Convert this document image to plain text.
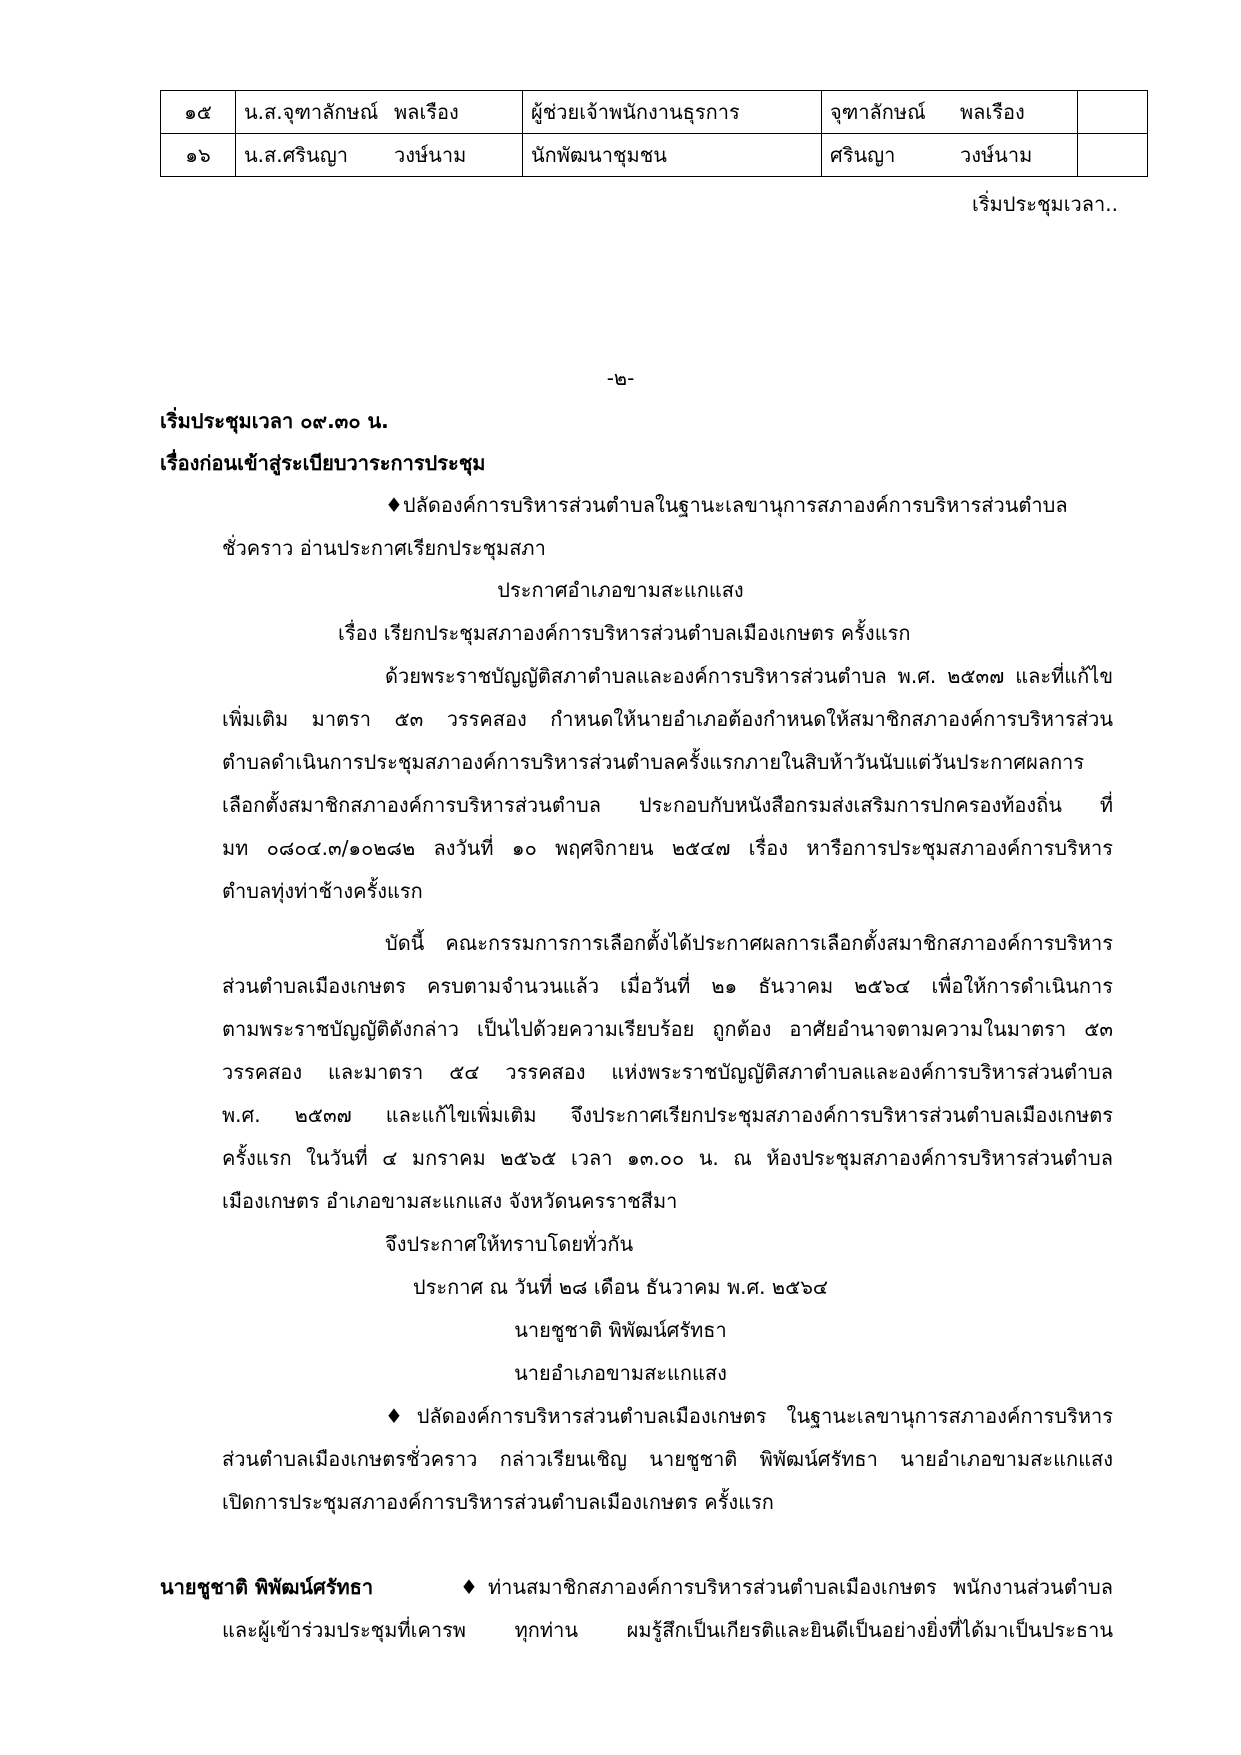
๑๕	น.ส.จุฑาลักษณ์ พลเรือง	ผู้ช่วยเจ้าพนักงานธุรการ	จุฑาลักษณ์ พลเรือง	
๑๖	น.ส.ศรินญา วงษ์นาม	นักพัฒนาชุมชน	ศรินญา วงษ์นาม	
เริ่มประชุมเวลา..
-๒-
เริ่มประชุมเวลา ๐๙.๓๐ น.
เรื่องก่อนเข้าสู่ระเบียบวาระการประชุม
♦ปลัดองค์การบริหารส่วนตำบลในฐานะเลขานุการสภาองค์การบริหารส่วนตำบล
ชั่วคราว อ่านประกาศเรียกประชุมสภา
ประกาศอำเภอขามสะแกแสง
เรื่อง เรียกประชุมสภาองค์การบริหารส่วนตำบลเมืองเกษตร ครั้งแรก
ด้วยพระราชบัญญัติสภาตำบลและองค์การบริหารส่วนตำบล พ.ศ. ๒๕๓๗ และที่แก้ไข
เพิ่มเติม มาตรา ๕๓ วรรคสอง กำหนดให้นายอำเภอต้องกำหนดให้สมาชิกสภาองค์การบริหารส่วน
ตำบลดำเนินการประชุมสภาองค์การบริหารส่วนตำบลครั้งแรกภายในสิบห้าวันนับแต่วันประกาศผลการ
เลือกตั้งสมาชิกสภาองค์การบริหารส่วนตำบล ประกอบกับหนังสือกรมส่งเสริมการปกครองท้องถิ่น ที่
มท ๐๘๐๔.๓/๑๐๒๘๒ ลงวันที่ ๑๐ พฤศจิกายน ๒๕๔๗ เรื่อง หารือการประชุมสภาองค์การบริหาร
ตำบลทุ่งท่าช้างครั้งแรก
บัดนี้ คณะกรรมการการเลือกตั้งได้ประกาศผลการเลือกตั้งสมาชิกสภาองค์การบริหาร
ส่วนตำบลเมืองเกษตร ครบตามจำนวนแล้ว เมื่อวันที่ ๒๑ ธันวาคม ๒๕๖๔ เพื่อให้การดำเนินการ
ตามพระราชบัญญัติดังกล่าว เป็นไปด้วยความเรียบร้อย ถูกต้อง อาศัยอำนาจตามความในมาตรา ๕๓
วรรคสอง และมาตรา ๕๔ วรรคสอง แห่งพระราชบัญญัติสภาตำบลและองค์การบริหารส่วนตำบล
พ.ศ. ๒๕๓๗ และแก้ไขเพิ่มเติม จึงประกาศเรียกประชุมสภาองค์การบริหารส่วนตำบลเมืองเกษตร
ครั้งแรก ในวันที่ ๔ มกราคม ๒๕๖๕ เวลา ๑๓.๐๐ น. ณ ห้องประชุมสภาองค์การบริหารส่วนตำบล
เมืองเกษตร อำเภอขามสะแกแสง จังหวัดนครราชสีมา
จึงประกาศให้ทราบโดยทั่วกัน
ประกาศ ณ วันที่ ๒๘ เดือน ธันวาคม พ.ศ. ๒๕๖๔
นายชูชาติ พิพัฒน์ศรัทธา
นายอำเภอขามสะแกแสง
♦ปลัดองค์การบริหารส่วนตำบลเมืองเกษตร ในฐานะเลขานุการสภาองค์การบริหาร
ส่วนตำบลเมืองเกษตรชั่วคราว กล่าวเรียนเชิญ นายชูชาติ พิพัฒน์ศรัทธา นายอำเภอขามสะแกแสง
เปิดการประชุมสภาองค์การบริหารส่วนตำบลเมืองเกษตร ครั้งแรก
นายชูชาติ พิพัฒน์ศรัทธา	♦ท่านสมาชิกสภาองค์การบริหารส่วนตำบลเมืองเกษตร พนักงานส่วนตำบล
และผู้เข้าร่วมประชุมที่เคารพ ทุกท่าน ผมรู้สึกเป็นเกียรติและยินดีเป็นอย่างยิ่งที่ได้มาเป็นประธาน
